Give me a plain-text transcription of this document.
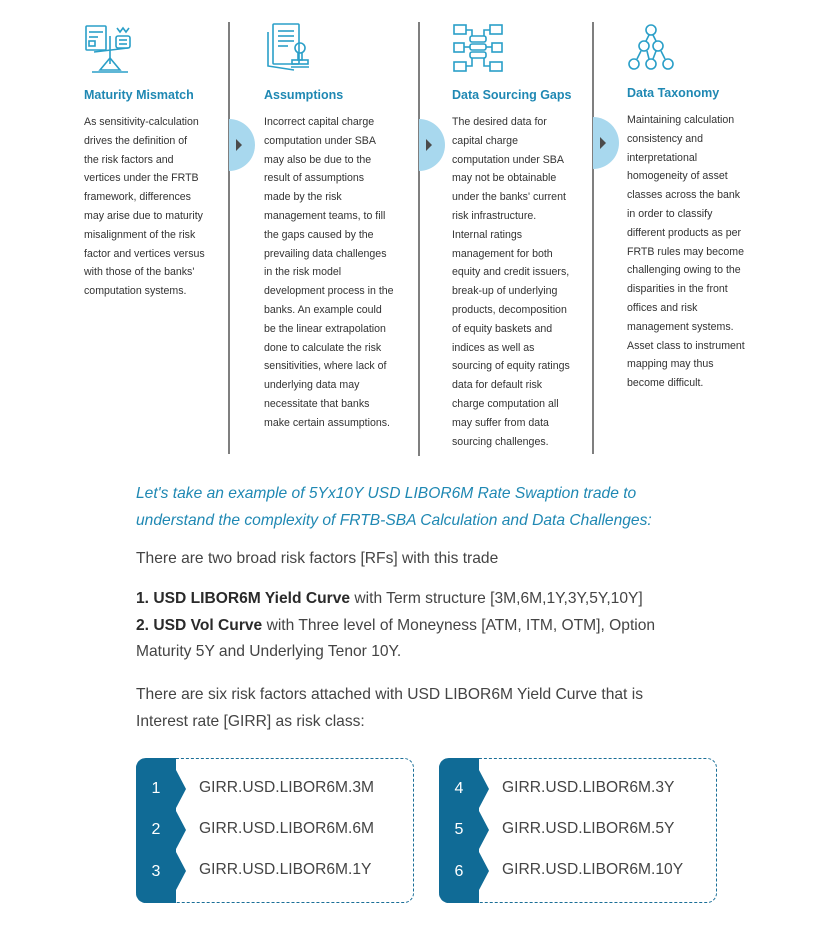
Maturity Mismatch
As sensitivity-calculation
drives the definition of
the risk factors and
vertices under the FRTB
framework, differences
may arise due to maturity
misalignment of the risk
factor and vertices versus
with those of the banks'
computation systems.
Assumptions
Incorrect capital charge
computation under SBA
may also be due to the
result of assumptions
made by the risk
management teams, to fill
the gaps caused by the
prevailing data challenges
in the risk model
development process in the
banks. An example could
be the linear extrapolation
done to calculate the risk
sensitivities, where lack of
underlying data may
necessitate that banks
make certain assumptions.
Data Sourcing Gaps
The desired data for
capital charge
computation under SBA
may not be obtainable
under the banks' current
risk infrastructure.
Internal ratings
management for both
equity and credit issuers,
break-up of underlying
products, decomposition
of equity baskets and
indices as well as
sourcing of equity ratings
data for default risk
charge computation all
may suffer from data
sourcing challenges.
Data Taxonomy
Maintaining calculation
consistency and
interpretational
homogeneity of asset
classes across the bank
in order to classify
different products as per
FRTB rules may become
challenging owing to the
disparities in the front
offices and risk
management systems.
Asset class to instrument
mapping may thus
become difficult.
Let's take an example of 5Yx10Y USD LIBOR6M Rate Swaption trade to
understand the complexity of FRTB-SBA Calculation and Data Challenges:
There are two broad risk factors [RFs] with this trade
1. USD LIBOR6M Yield Curve with Term structure [3M,6M,1Y,3Y,5Y,10Y]
2. USD Vol Curve with Three level of Moneyness [ATM, ITM, OTM], Option
Maturity 5Y and Underlying Tenor 10Y.
There are six risk factors attached with USD LIBOR6M Yield Curve that is
Interest rate [GIRR] as risk class:
1
2
3
GIRR.USD.LIBOR6M.3M
GIRR.USD.LIBOR6M.6M
GIRR.USD.LIBOR6M.1Y
4
5
6
GIRR.USD.LIBOR6M.3Y
GIRR.USD.LIBOR6M.5Y
GIRR.USD.LIBOR6M.10Y
